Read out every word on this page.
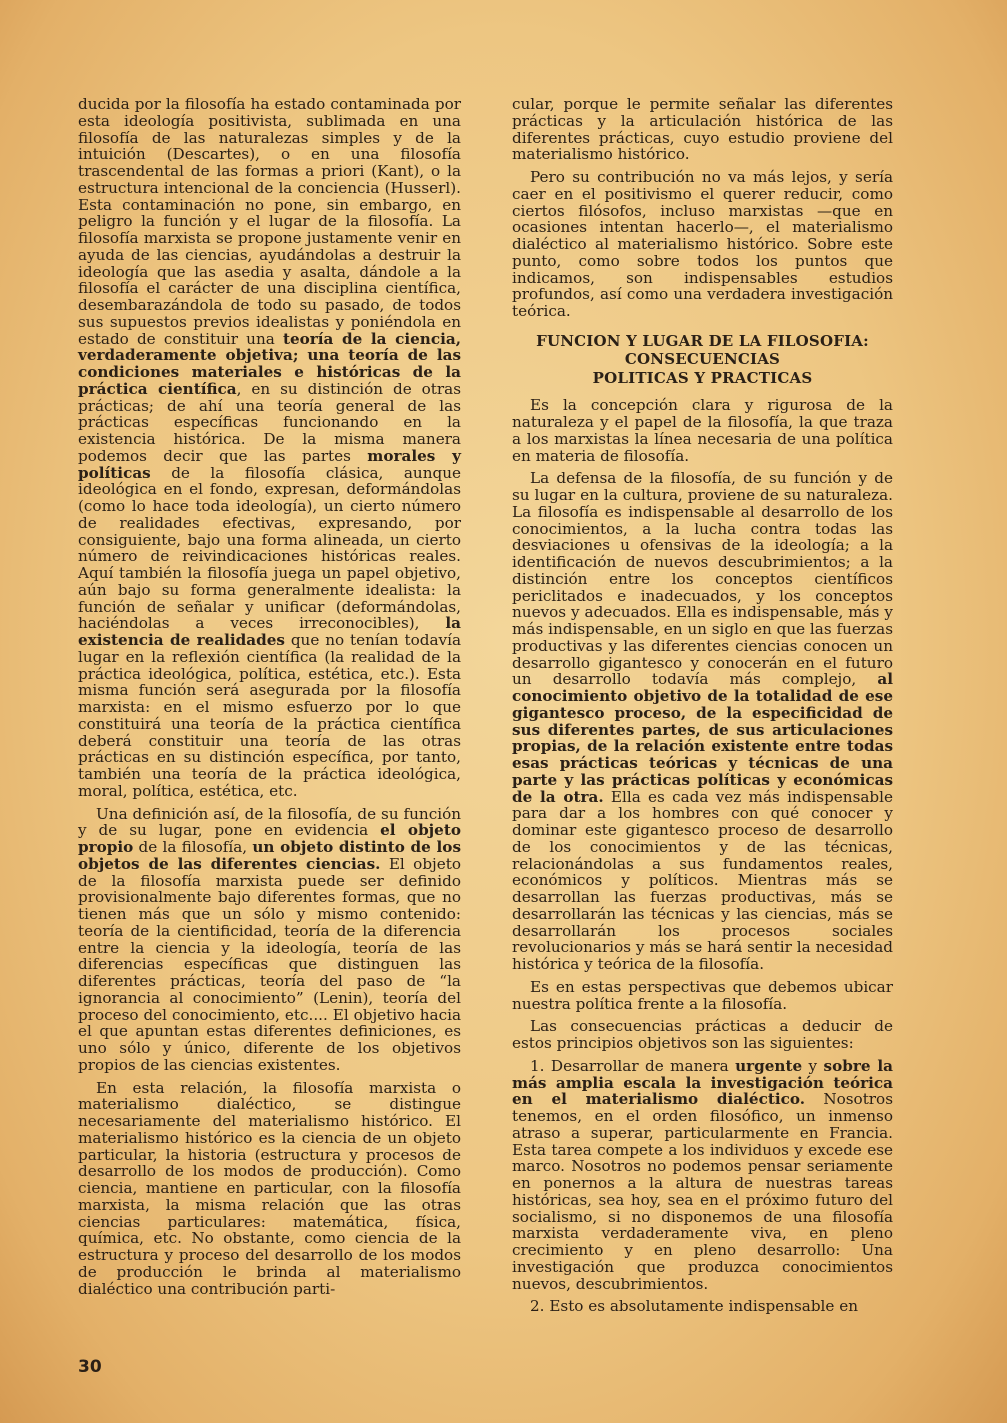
ducida por la filosofía ha estado contaminada por esta ideología positivista, sublimada en una filosofía de las naturalezas simples y de la intuición (Descartes), o en una filosofía trascendental de las formas a priori (Kant), o la estructura intencional de la conciencia (Husserl). Esta contaminación no pone, sin embargo, en peligro la función y el lugar de la filosofía. La filosofía marxista se propone justamente venir en ayuda de las ciencias, ayudándolas a destruir la ideología que las asedia y asalta, dándole a la filosofía el carácter de una disciplina científica, desembarazándola de todo su pasado, de todos sus supuestos previos idealistas y poniéndola en estado de constituir una teoría de la ciencia, verdaderamente objetiva; una teoría de las condiciones materiales e históricas de la práctica científica, en su distinción de otras prácticas; de ahí una teoría general de las prácticas específicas funcionando en la existencia histórica. De la misma manera podemos decir que las partes morales y políticas de la filosofía clásica, aunque ideológica en el fondo, expresan, deformándolas (como lo hace toda ideología), un cierto número de realidades efectivas, expresando, por consiguiente, bajo una forma alineada, un cierto número de reivindicaciones históricas reales. Aquí también la filosofía juega un papel objetivo, aún bajo su forma generalmente idealista: la función de señalar y unificar (deformándolas, haciéndolas a veces irreconocibles), la existencia de realidades que no tenían todavía lugar en la reflexión científica (la realidad de la práctica ideológica, política, estética, etc.). Esta misma función será asegurada por la filosofía marxista: en el mismo esfuerzo por lo que constituirá una teoría de la práctica científica deberá constituir una teoría de las otras prácticas en su distinción específica, por tanto, también una teoría de la práctica ideológica, moral, política, estética, etc.

Una definición así, de la filosofía, de su función y de su lugar, pone en evidencia el objeto propio de la filosofía, un objeto distinto de los objetos de las diferentes ciencias. El objeto de la filosofía marxista puede ser definido provisionalmente bajo diferentes formas, que no tienen más que un sólo y mismo contenido: teoría de la cientificidad, teoría de la diferencia entre la ciencia y la ideología, teoría de las diferencias específicas que distinguen las diferentes prácticas, teoría del paso de “la ignorancia al conocimiento” (Lenin), teoría del proceso del conocimiento, etc.... El objetivo hacia el que apuntan estas diferentes definiciones, es uno sólo y único, diferente de los objetivos propios de las ciencias existentes.

En esta relación, la filosofía marxista o materialismo dialéctico, se distingue necesariamente del materialismo histórico. El materialismo histórico es la ciencia de un objeto particular, la historia (estructura y procesos de desarrollo de los modos de producción). Como ciencia, mantiene en particular, con la filosofía marxista, la misma relación que las otras ciencias particulares: matemática, física, química, etc. No obstante, como ciencia de la estructura y proceso del desarrollo de los modos de producción le brinda al materialismo dialéctico una contribución parti-

cular, porque le permite señalar las diferentes prácticas y la articulación histórica de las diferentes prácticas, cuyo estudio proviene del materialismo histórico.

Pero su contribución no va más lejos, y sería caer en el positivismo el querer reducir, como ciertos filósofos, incluso marxistas —que en ocasiones intentan hacerlo—, el materialismo dialéctico al materialismo histórico. Sobre este punto, como sobre todos los puntos que indicamos, son indispensables estudios profundos, así como una verdadera investigación teórica.

FUNCION Y LUGAR DE LA FILOSOFIA:
CONSECUENCIAS
POLITICAS Y PRACTICAS

Es la concepción clara y rigurosa de la naturaleza y el papel de la filosofía, la que traza a los marxistas la línea necesaria de una política en materia de filosofía.

La defensa de la filosofía, de su función y de su lugar en la cultura, proviene de su naturaleza. La filosofía es indispensable al desarrollo de los conocimientos, a la lucha contra todas las desviaciones u ofensivas de la ideología; a la identificación de nuevos descubrimientos; a la distinción entre los conceptos científicos periclitados e inadecuados, y los conceptos nuevos y adecuados. Ella es indispensable, más y más indispensable, en un siglo en que las fuerzas productivas y las diferentes ciencias conocen un desarrollo gigantesco y conocerán en el futuro un desarrollo todavía más complejo, al conocimiento objetivo de la totalidad de ese gigantesco proceso, de la especificidad de sus diferentes partes, de sus articulaciones propias, de la relación existente entre todas esas prácticas teóricas y técnicas de una parte y las prácticas políticas y económicas de la otra. Ella es cada vez más indispensable para dar a los hombres con qué conocer y dominar este gigantesco proceso de desarrollo de los conocimientos y de las técnicas, relacionándolas a sus fundamentos reales, económicos y políticos. Mientras más se desarrollan las fuerzas productivas, más se desarrollarán las técnicas y las ciencias, más se desarrollarán los procesos sociales revolucionarios y más se hará sentir la necesidad histórica y teórica de la filosofía.

Es en estas perspectivas que debemos ubicar nuestra política frente a la filosofía.

Las consecuencias prácticas a deducir de estos principios objetivos son las siguientes:

1. Desarrollar de manera urgente y sobre la más amplia escala la investigación teórica en el materialismo dialéctico. Nosotros tenemos, en el orden filosófico, un inmenso atraso a superar, particularmente en Francia. Esta tarea compete a los individuos y excede ese marco. Nosotros no podemos pensar seriamente en ponernos a la altura de nuestras tareas históricas, sea hoy, sea en el próximo futuro del socialismo, si no disponemos de una filosofía marxista verdaderamente viva, en pleno crecimiento y en pleno desarrollo: Una investigación que produzca conocimientos nuevos, descubrimientos.

2. Esto es absolutamente indispensable en

30
